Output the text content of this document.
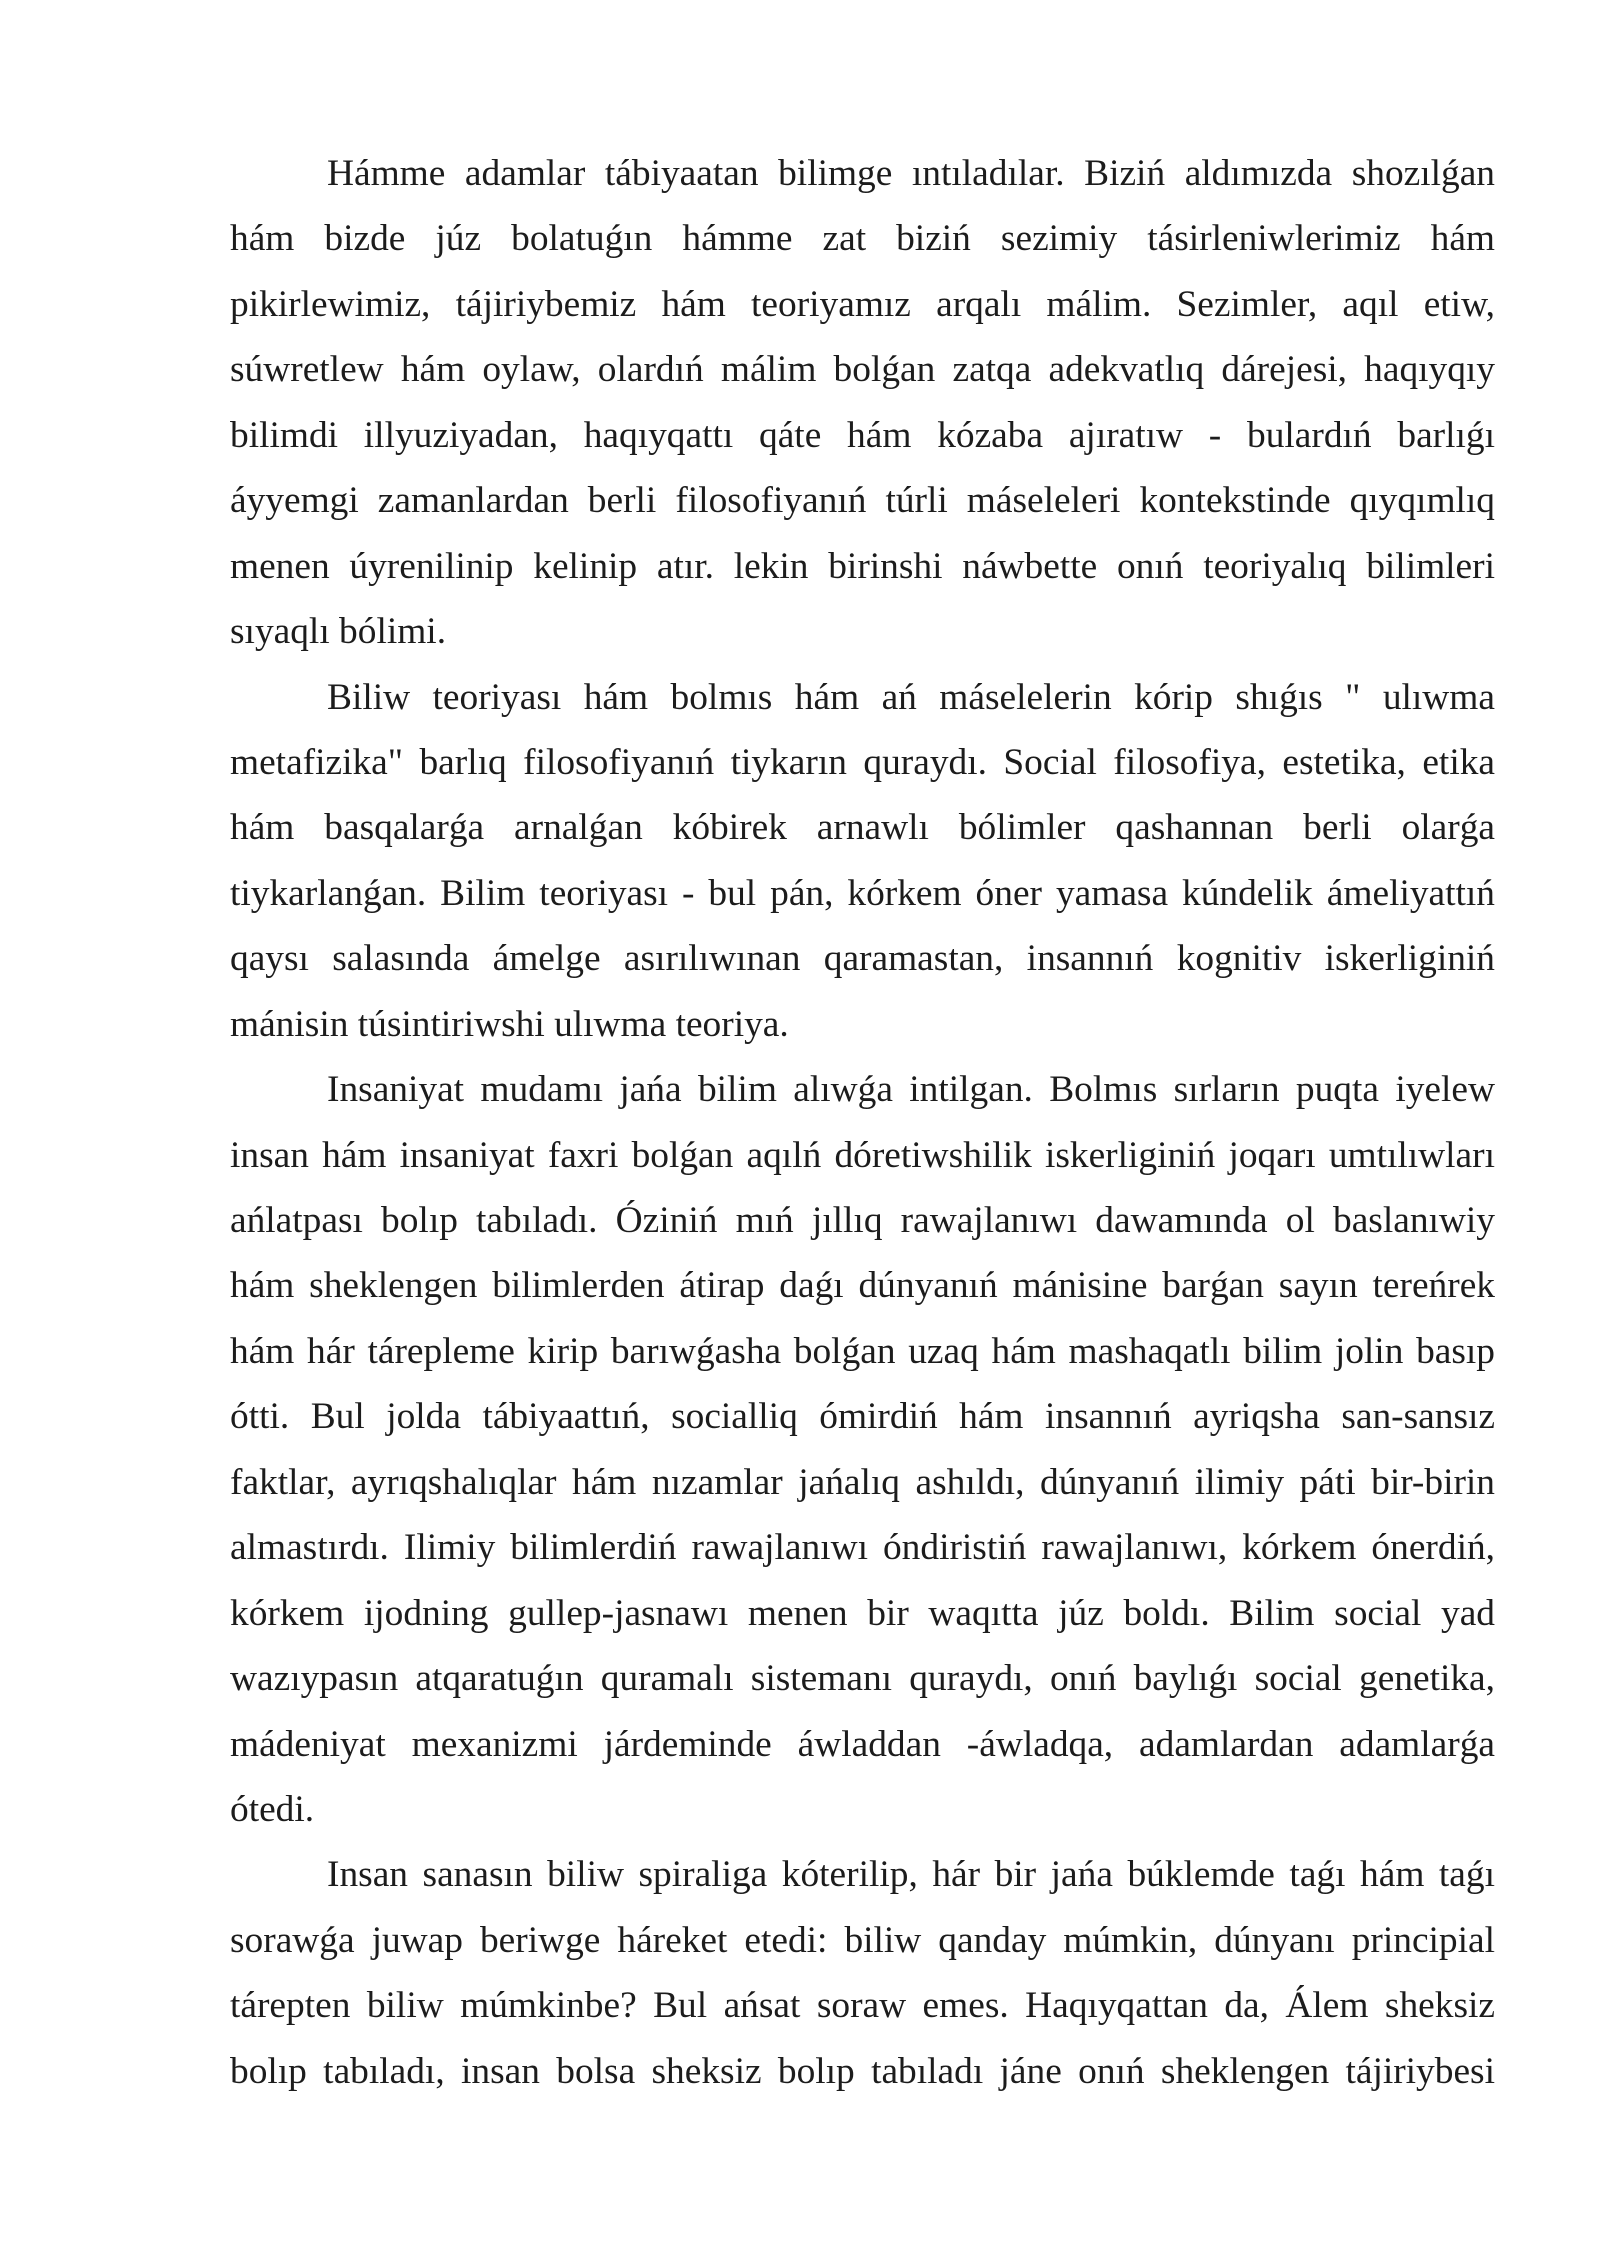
Hámme adamlar tábiyaatan bilimge ıntıladılar. Biziń aldımızda shozılǵan
hám bizde júz bolatuǵın hámme zat biziń sezimiy tásirleniwlerimiz hám
pikirlewimiz, tájiriybemiz hám teoriyamız arqalı málim. Sezimler, aqıl etiw,
súwretlew hám oylaw, olardıń málim bolǵan zatqa adekvatlıq dárejesi, haqıyqıy
bilimdi illyuziyadan, haqıyqattı qáte hám kózaba ajıratıw - bulardıń barlıǵı
áyyemgi zamanlardan berli filosofiyanıń túrli máseleleri kontekstinde qıyqımlıq
menen úyrenilinip kelinip atır. lekin birinshi náwbette onıń teoriyalıq bilimleri
sıyaqlı bólimi.
Biliw teoriyası hám bolmıs hám ań máselelerin kórip shıǵıs " ulıwma
metafizika" barlıq filosofiyanıń tiykarın quraydı. Social filosofiya, estetika, etika
hám basqalarǵa arnalǵan kóbirek arnawlı bólimler qashannan berli olarǵa
tiykarlanǵan. Bilim teoriyası - bul pán, kórkem óner yamasa kúndelik ámeliyattıń
qaysı salasında ámelge asırılıwınan qaramastan, insannıń kognitiv iskerliginiń
mánisin túsintiriwshi ulıwma teoriya.
Insaniyat mudamı jańa bilim alıwǵa intilgan. Bolmıs sırların puqta iyelew
insan hám insaniyat faxri bolǵan aqılń dóretiwshilik iskerliginiń joqarı umtılıwları
ańlatpası bolıp tabıladı. Óziniń mıń jıllıq rawajlanıwı dawamında ol baslanıwiy
hám sheklengen bilimlerden átirap daǵı dúnyanıń mánisine barǵan sayın tereńrek
hám hár tárepleme kirip barıwǵasha bolǵan uzaq hám mashaqatlı bilim jolin basıp
ótti. Bul jolda tábiyaattıń, socialliq ómirdiń hám insannıń ayriqsha san-sansız
faktlar, ayrıqshalıqlar hám nızamlar jańalıq ashıldı, dúnyanıń ilimiy páti bir-birin
almastırdı. Ilimiy bilimlerdiń rawajlanıwı óndiristiń rawajlanıwı, kórkem ónerdiń,
kórkem ijodning gullep-jasnawı menen bir waqıtta júz boldı. Bilim social yad
wazıypasın atqaratuǵın quramalı sistemanı quraydı, onıń baylıǵı social genetika,
mádeniyat mexanizmi járdeminde áwladdan -áwladqa, adamlardan adamlarǵa
ótedi.
Insan sanasın biliw spiraliga kóterilip, hár bir jańa búklemde taǵı hám taǵı
sorawǵa juwap beriwge háreket etedi: biliw qanday múmkin, dúnyanı principial
tárepten biliw múmkinbe? Bul ańsat soraw emes. Haqıyqattan da, Álem sheksiz
bolıp tabıladı, insan bolsa sheksiz bolıp tabıladı jáne onıń sheklengen tájiriybesi
